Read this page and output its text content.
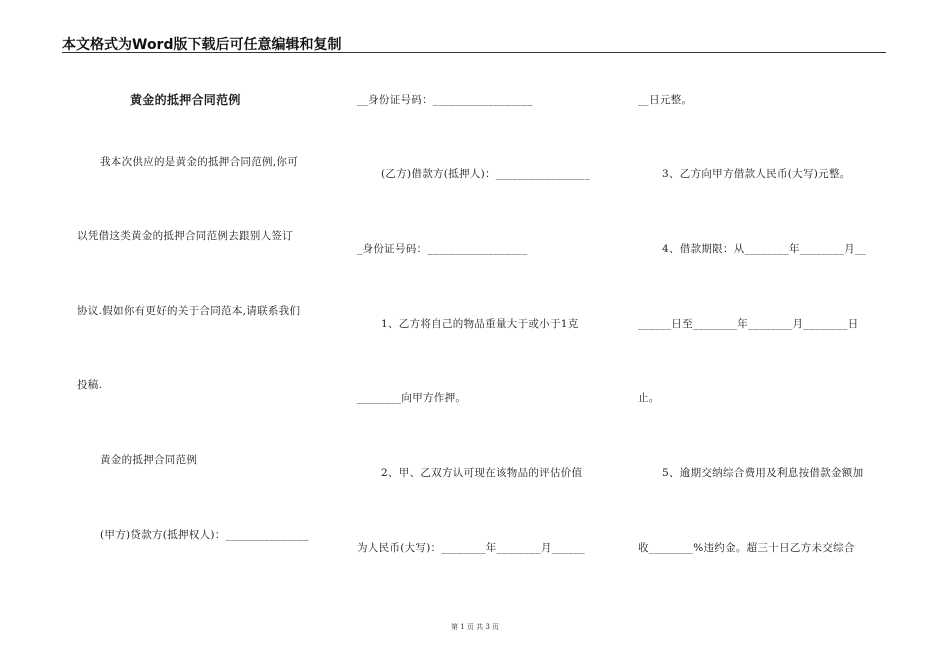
本文格式为Word版下载后可任意编辑和复制
黄金的抵押合同范例
我本次供应的是黄金的抵押合同范例,你可
以凭借这类黄金的抵押合同范例去跟别人签订
协议.假如你有更好的关于合同范本,请联系我们
投稿.
黄金的抵押合同范例
(甲方)贷款方(抵押权人)：_______________
__身份证号码：__________________
(乙方)借款方(抵押人)：_________________
_身份证号码：__________________
1、乙方将自己的物品重量大于或小于1克
________向甲方作押。
2、甲、乙双方认可现在该物品的评估价值
为人民币(大写)：________年________月______
__日元整。
3、乙方向甲方借款人民币(大写)元整。
4、借款期限：从________年________月__
______日至________年________月________日
止。
5、逾期交纳综合费用及利息按借款金额加
收________%违约金。超三十日乙方未交综合
第 1 页 共 3 页
